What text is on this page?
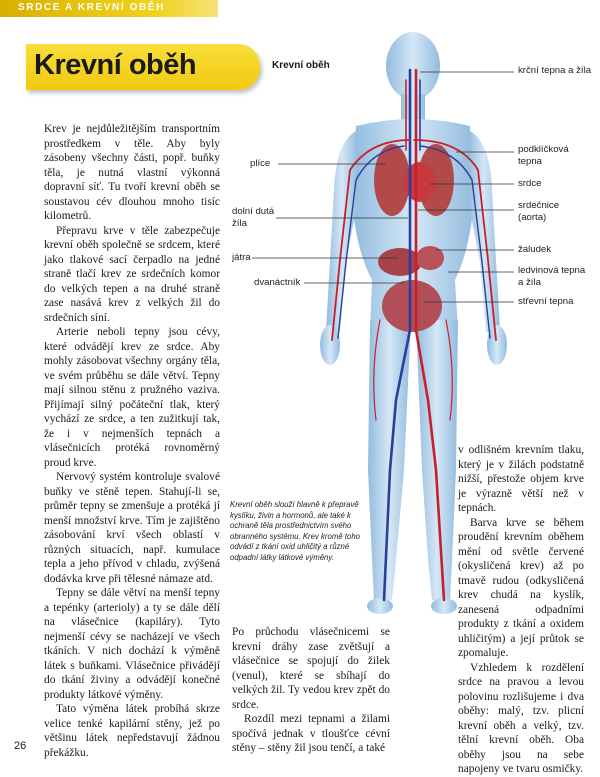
SRDCE A KREVNÍ OBĚH
Krevní oběh

Krev je nejdůležitějším transportním prostředkem v těle. Aby byly zásobeny všechny části, popř. buňky těla, je nutná vlastní výkonná dopravní síť. Tu tvoří krevní oběh se soustavou cév dlouhou mnoho tisíc kilometrů.

Přepravu krve v těle zabezpečuje krevní oběh společně se srdcem, které jako tlakové sací čerpadlo na jedné straně tlačí krev ze srdečních komor do velkých tepen a na druhé straně zase nasává krev z velkých žil do srdečních síní.

Arterie neboli tepny jsou cévy, které odvádějí krev ze srdce. Aby mohly zásobovat všechny orgány těla, ve svém průběhu se dále větví. Tepny mají silnou stěnu z pružného vaziva. Přijímají silný počáteční tlak, který vychází ze srdce, a ten zužitkují tak, že i v nejmenších tepnách a vlásečnicích protéká rovnoměrný proud krve.

Nervový systém kontroluje svalové buňky ve stěně tepen. Stahují-li se, průměr tepny se zmenšuje a protéká jí menší množství krve. Tím je zajištěno zásobování krví všech oblastí v různých situacích, např. kumulace tepla a jeho přívod v chladu, zvýšená dodávka krve při tělesné námaze atd.

Tepny se dále větví na menší tepny a tepénky (arterioly) a ty se dále dělí na vlásečnice (kapiláry). Tyto nejmenší cévy se nacházejí ve všech tkáních. V nich dochází k výměně látek s buňkami. Vlásečnice přivádějí do tkání živiny a odvádějí konečné produkty látkové výměny.

Tato výměna látek probíhá skrze velice tenké kapilární stěny, jež po většinu látek nepředstavují žádnou překážku.

Krevní oběh	krční tepna a žíla
podklíčková
tepna
plíce
srdce
srdečnice
(aorta)
dolní dutá
žíla
žaludek
játra
ledvinová tepna
a žíla
dvanáctník
střevní tepna
Krevní oběh slouží hlavně k přepravě kyslíku, živin a hormonů, ale také k ochraně těla prostřednictvím svého obranného systému. Krev kromě toho odvádí z tkání oxid uhličitý a různé odpadní látky látkové výměny.

Po průchodu vlásečnicemi se krevní dráhy zase zvětšují a vlásečnice se spojují do žilek (venul), které se sbíhají do velkých žil. Ty vedou krev zpět do srdce.

Rozdíl mezi tepnami a žilami spočívá jednak v tloušťce cévní stěny – stěny žil jsou tenčí, a také

v odlišném krevním tlaku, který je v žilách podstatně nižší, přestože objem krve je výrazně větší než v tepnách.

Barva krve se během proudění krevním oběhem mění od světle červené (okysličená krev) až po tmavě rudou (odkysličená krev chudá na kyslík, zanesená odpadními produkty z tkání a oxidem uhličitým) a její průtok se zpomaluje.

Vzhledem k rozdělení srdce na pravou a levou polovinu rozlišujeme i dva oběhy: malý, tzv. plicní krevní oběh a velký, tzv. tělní krevní oběh. Oba oběhy jsou na sebe napojeny ve tvaru osmičky.

26
